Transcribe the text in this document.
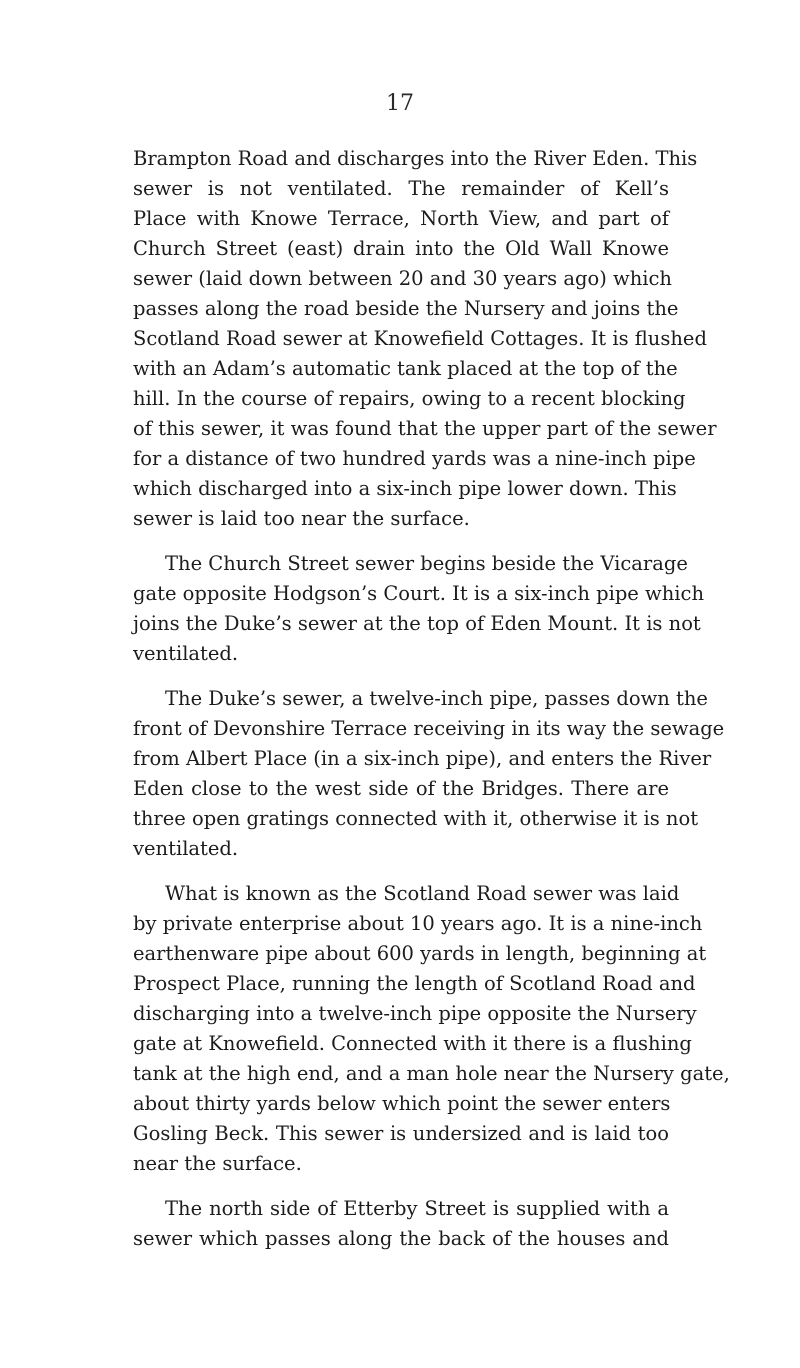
17

Brampton Road and discharges into the River Eden. This
sewer is not ventilated. The remainder of Kell’s
Place with Knowe Terrace, North View, and part of
Church Street (east) drain into the Old Wall Knowe
sewer (laid down between 20 and 30 years ago) which
passes along the road beside the Nursery and joins the
Scotland Road sewer at Knowefield Cottages. It is flushed
with an Adam’s automatic tank placed at the top of the
hill. In the course of repairs, owing to a recent blocking
of this sewer, it was found that the upper part of the sewer
for a distance of two hundred yards was a nine-inch pipe
which discharged into a six-inch pipe lower down. This
sewer is laid too near the surface.

The Church Street sewer begins beside the Vicarage
gate opposite Hodgson’s Court. It is a six-inch pipe which
joins the Duke’s sewer at the top of Eden Mount. It is not
ventilated.

The Duke’s sewer, a twelve-inch pipe, passes down the
front of Devonshire Terrace receiving in its way the sewage
from Albert Place (in a six-inch pipe), and enters the River
Eden close to the west side of the Bridges. There are
three open gratings connected with it, otherwise it is not
ventilated.

What is known as the Scotland Road sewer was laid
by private enterprise about 10 years ago. It is a nine-inch
earthenware pipe about 600 yards in length, beginning at
Prospect Place, running the length of Scotland Road and
discharging into a twelve-inch pipe opposite the Nursery
gate at Knowefield. Connected with it there is a flushing
tank at the high end, and a man hole near the Nursery gate,
about thirty yards below which point the sewer enters
Gosling Beck. This sewer is undersized and is laid too
near the surface.

The north side of Etterby Street is supplied with a
sewer which passes along the back of the houses and
